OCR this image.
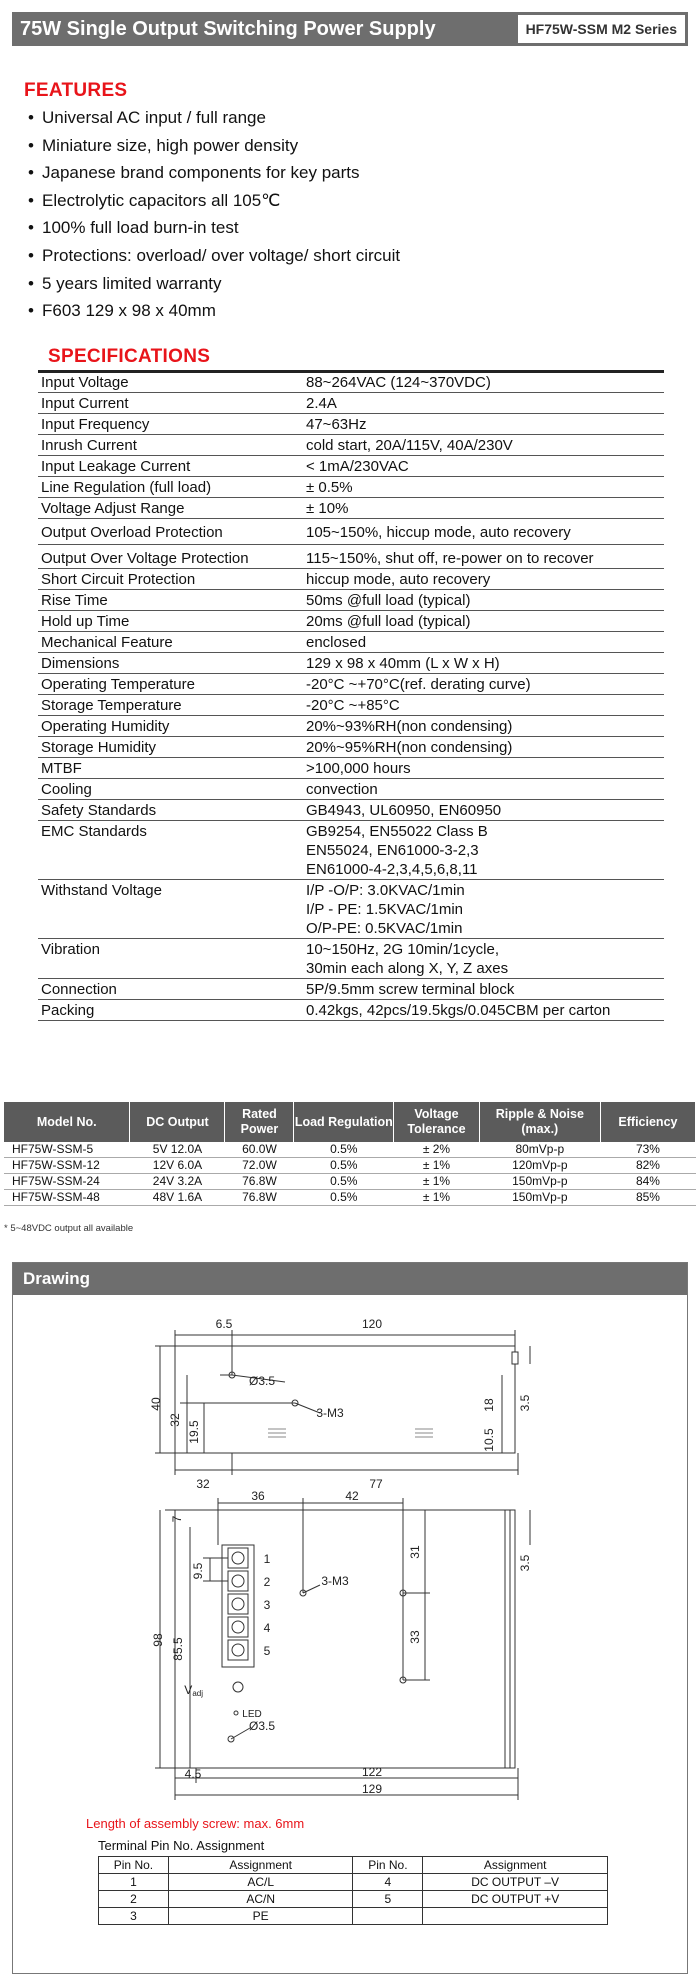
75W Single Output Switching Power Supply	HF75W-SSM M2 Series
FEATURES
• Universal AC input / full range
• Miniature size, high power density
• Japanese brand components for key parts
• Electrolytic capacitors all 105℃
• 100% full load burn-in test
• Protections: overload/ over voltage/ short circuit
• 5 years limited warranty
• F603 129 x 98 x 40mm
SPECIFICATIONS
Input Voltage	88~264VAC (124~370VDC)

Input Current	2.4A

Input Frequency	47~63Hz

Inrush Current	cold start, 20A/115V, 40A/230V

Input Leakage Current	< 1mA/230VAC

Line Regulation (full load)	± 0.5%

Voltage Adjust Range	± 10%

Output Overload Protection	105~150%, hiccup mode, auto recovery

Output Over Voltage Protection	115~150%, shut off, re-power on to recover

Short Circuit Protection	hiccup mode, auto recovery

Rise Time	50ms @full load (typical)

Hold up Time	20ms @full load (typical)

Mechanical Feature	enclosed

Dimensions	129 x 98 x 40mm (L x W x H)

Operating Temperature	-20°C ~+70°C(ref. derating curve)

Storage Temperature	-20°C ~+85°C

Operating Humidity	20%~93%RH(non condensing)

Storage Humidity	20%~95%RH(non condensing)

MTBF	>100,000 hours

Cooling	convection

Safety Standards	GB4943, UL60950, EN60950

EMC Standards	GB9254, EN55022 Class B
EN55024, EN61000-3-2,3
EN61000-4-2,3,4,5,6,8,11

Withstand Voltage	I/P -O/P: 3.0KVAC/1min
I/P - PE: 1.5KVAC/1min
O/P-PE: 0.5KVAC/1min

Vibration	10~150Hz, 2G 10min/1cycle,
30min each along X, Y, Z axes

Connection	5P/9.5mm screw terminal block

Packing	0.42kgs, 42pcs/19.5kgs/0.045CBM per carton
Model No.	DC Output	Rated Power	Load Regulation	Voltage Tolerance	Ripple & Noise (max.)	Efficiency
HF75W-SSM-5	5V 12.0A	60.0W	0.5%	± 2%	80mVp-p	73%
HF75W-SSM-12	12V 6.0A	72.0W	0.5%	± 1%	120mVp-p	82%
HF75W-SSM-24	24V 3.2A	76.8W	0.5%	± 1%	150mVp-p	84%
HF75W-SSM-48	48V 1.6A	76.8W	0.5%	± 1%	150mVp-p	85%
* 5~48VDC output all available
Drawing
6.5	120
40
32
19.5
18
10.5
3.5
32	77
Ø3.5
3-M3
36	42
7
31
9.5	3.5
33
98 85.5
4.5	122
129
1
2
3
4
5
3-M3
Vadj
LED
Ø3.5
Length of assembly screw: max. 6mm
Terminal Pin No. Assignment
Pin No.	Assignment	Pin No.	Assignment
1	AC/L	4	DC OUTPUT –V
2	AC/N	5	DC OUTPUT +V
3	PE		
